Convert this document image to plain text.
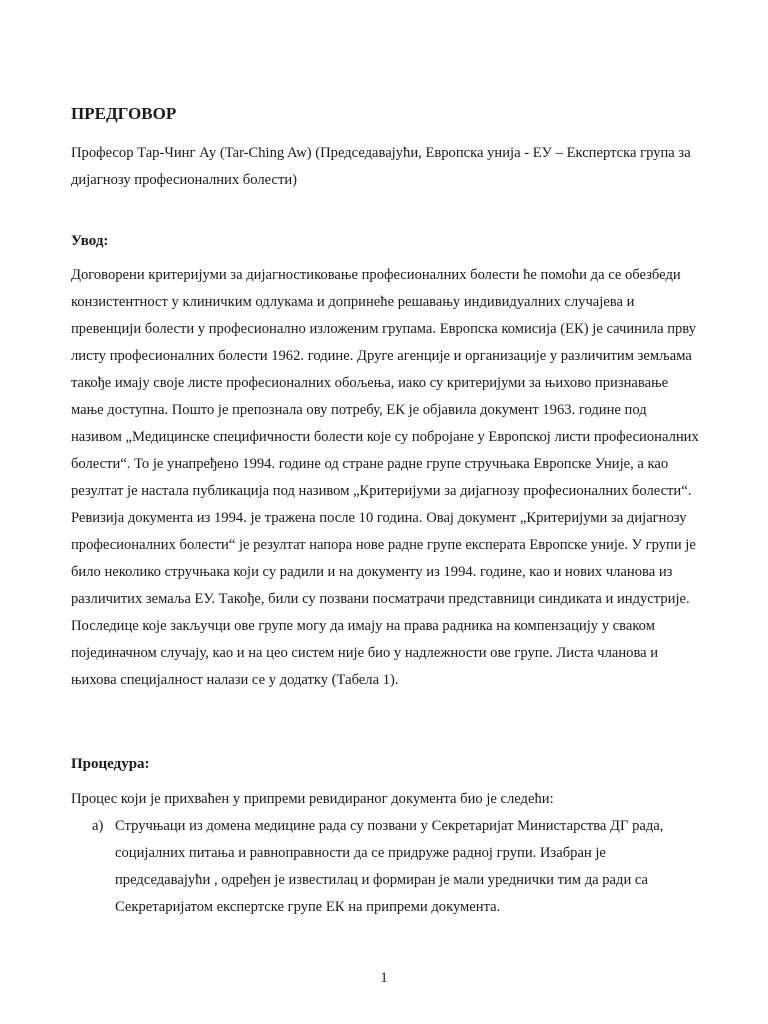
ПРЕДГОВОР

Професор Тар-Чинг Ау (Tar-Ching Aw) (Председавајући, Европска унија - ЕУ – Експертска група за дијагнозу професионалних болести)

Увод:

Договорени критеријуми за дијагностиковање професионалних болести ће помоћи да се обезбеди конзистентност у клиничким одлукама и допринеће решавању индивидуалних случајева и превенцији болести у професионално изложеним групама. Европска комисија (ЕК) је сачинила прву листу професионалних болести 1962. године. Друге агенције и организације у различитим земљама такође имају своје листе професионалних обољења, иако су критеријуми за њихово признавање мање доступна. Пошто је препознала ову потребу, ЕК је објавила документ 1963. године под називом „Медицинске специфичности болести које су побројане у Европској листи професионалних болести“. То је унапређено 1994. године од стране радне групе стручњака Европске Уније, а као резултат је настала публикација под називом „Критеријуми за дијагнозу професионалних болести“. Ревизија документа из 1994. је тражена после 10 година. Овај документ „Критеријуми за дијагнозу професионалних болести“ је резултат напора нове радне групе експерата Европске уније. У групи је било неколико стручњака који су радили и на документу из 1994. године, као и нових чланова из различитих земаља ЕУ. Такође, били су позвани посматрачи представници синдиката и индустрије. Последице које закључци ове групе могу да имају на права радника на компензацију у сваком појединачном случају, као и на цео систем није био у надлежности ове групе. Листа чланова и њихова специјалност налази се у додатку (Табела 1).

Процедура:

Процес који је прихваћен у припреми ревидираног документа био је следећи:

a) Стручњаци из домена медицине рада су позвани у Секретаријат Министарства ДГ рада, социјалних питања и равноправности да се придруже радној групи. Изабран је председавајући , одређен је известилац и формиран је мали уреднички тим да ради са Секретаријатом експертске групе ЕК на припреми документа.
1
